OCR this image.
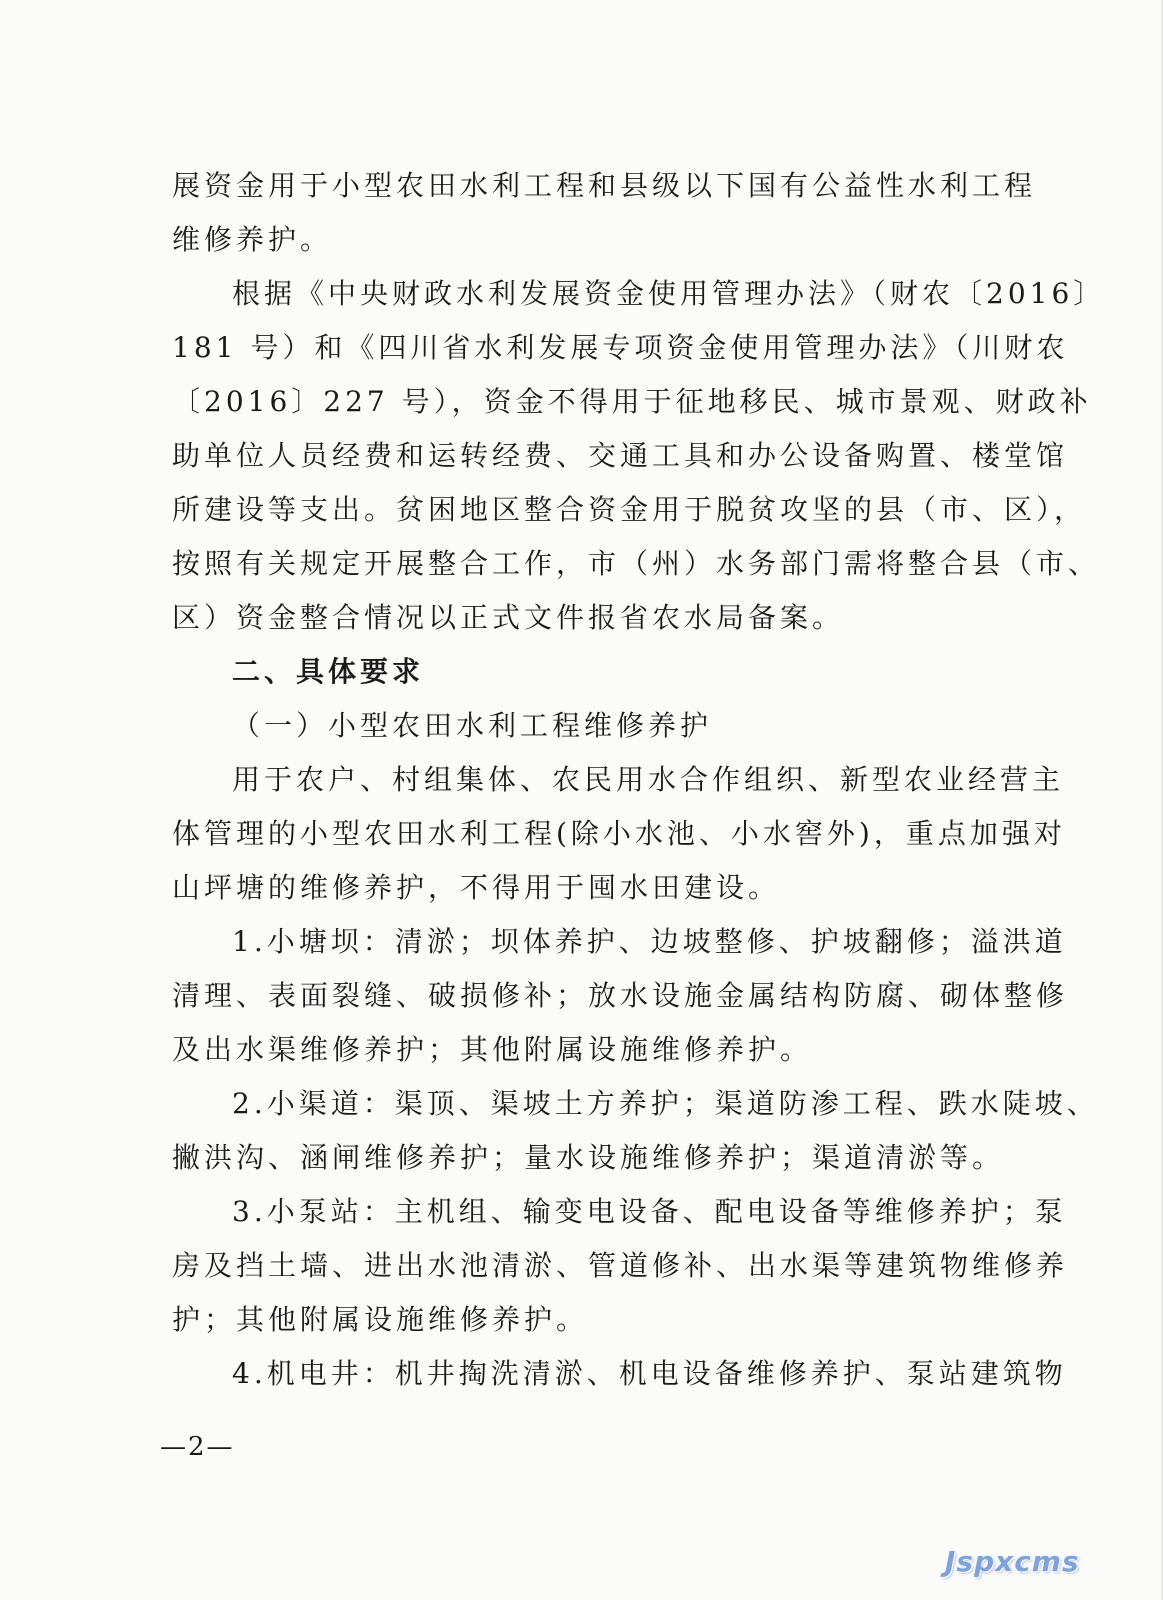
展资金用于小型农田水利工程和县级以下国有公益性水利工程
维修养护。
根据《中央财政水利发展资金使用管理办法》（财农〔2016〕
181 号）和《四川省水利发展专项资金使用管理办法》（川财农
〔2016〕227 号），资金不得用于征地移民、城市景观、财政补
助单位人员经费和运转经费、交通工具和办公设备购置、楼堂馆
所建设等支出。贫困地区整合资金用于脱贫攻坚的县（市、区），
按照有关规定开展整合工作，市（州）水务部门需将整合县（市、
区）资金整合情况以正式文件报省农水局备案。
二、具体要求
（一）小型农田水利工程维修养护
用于农户、村组集体、农民用水合作组织、新型农业经营主
体管理的小型农田水利工程(除小水池、小水窖外)，重点加强对
山坪塘的维修养护，不得用于囤水田建设。
1.小塘坝：清淤；坝体养护、边坡整修、护坡翻修；溢洪道
清理、表面裂缝、破损修补；放水设施金属结构防腐、砌体整修
及出水渠维修养护；其他附属设施维修养护。
2.小渠道：渠顶、渠坡土方养护；渠道防渗工程、跌水陡坡、
撇洪沟、涵闸维修养护；量水设施维修养护；渠道清淤等。
3.小泵站：主机组、输变电设备、配电设备等维修养护；泵
房及挡土墙、进出水池清淤、管道修补、出水渠等建筑物维修养
护；其他附属设施维修养护。
4.机电井：机井掏洗清淤、机电设备维修养护、泵站建筑物
—2—
Jspxcms
